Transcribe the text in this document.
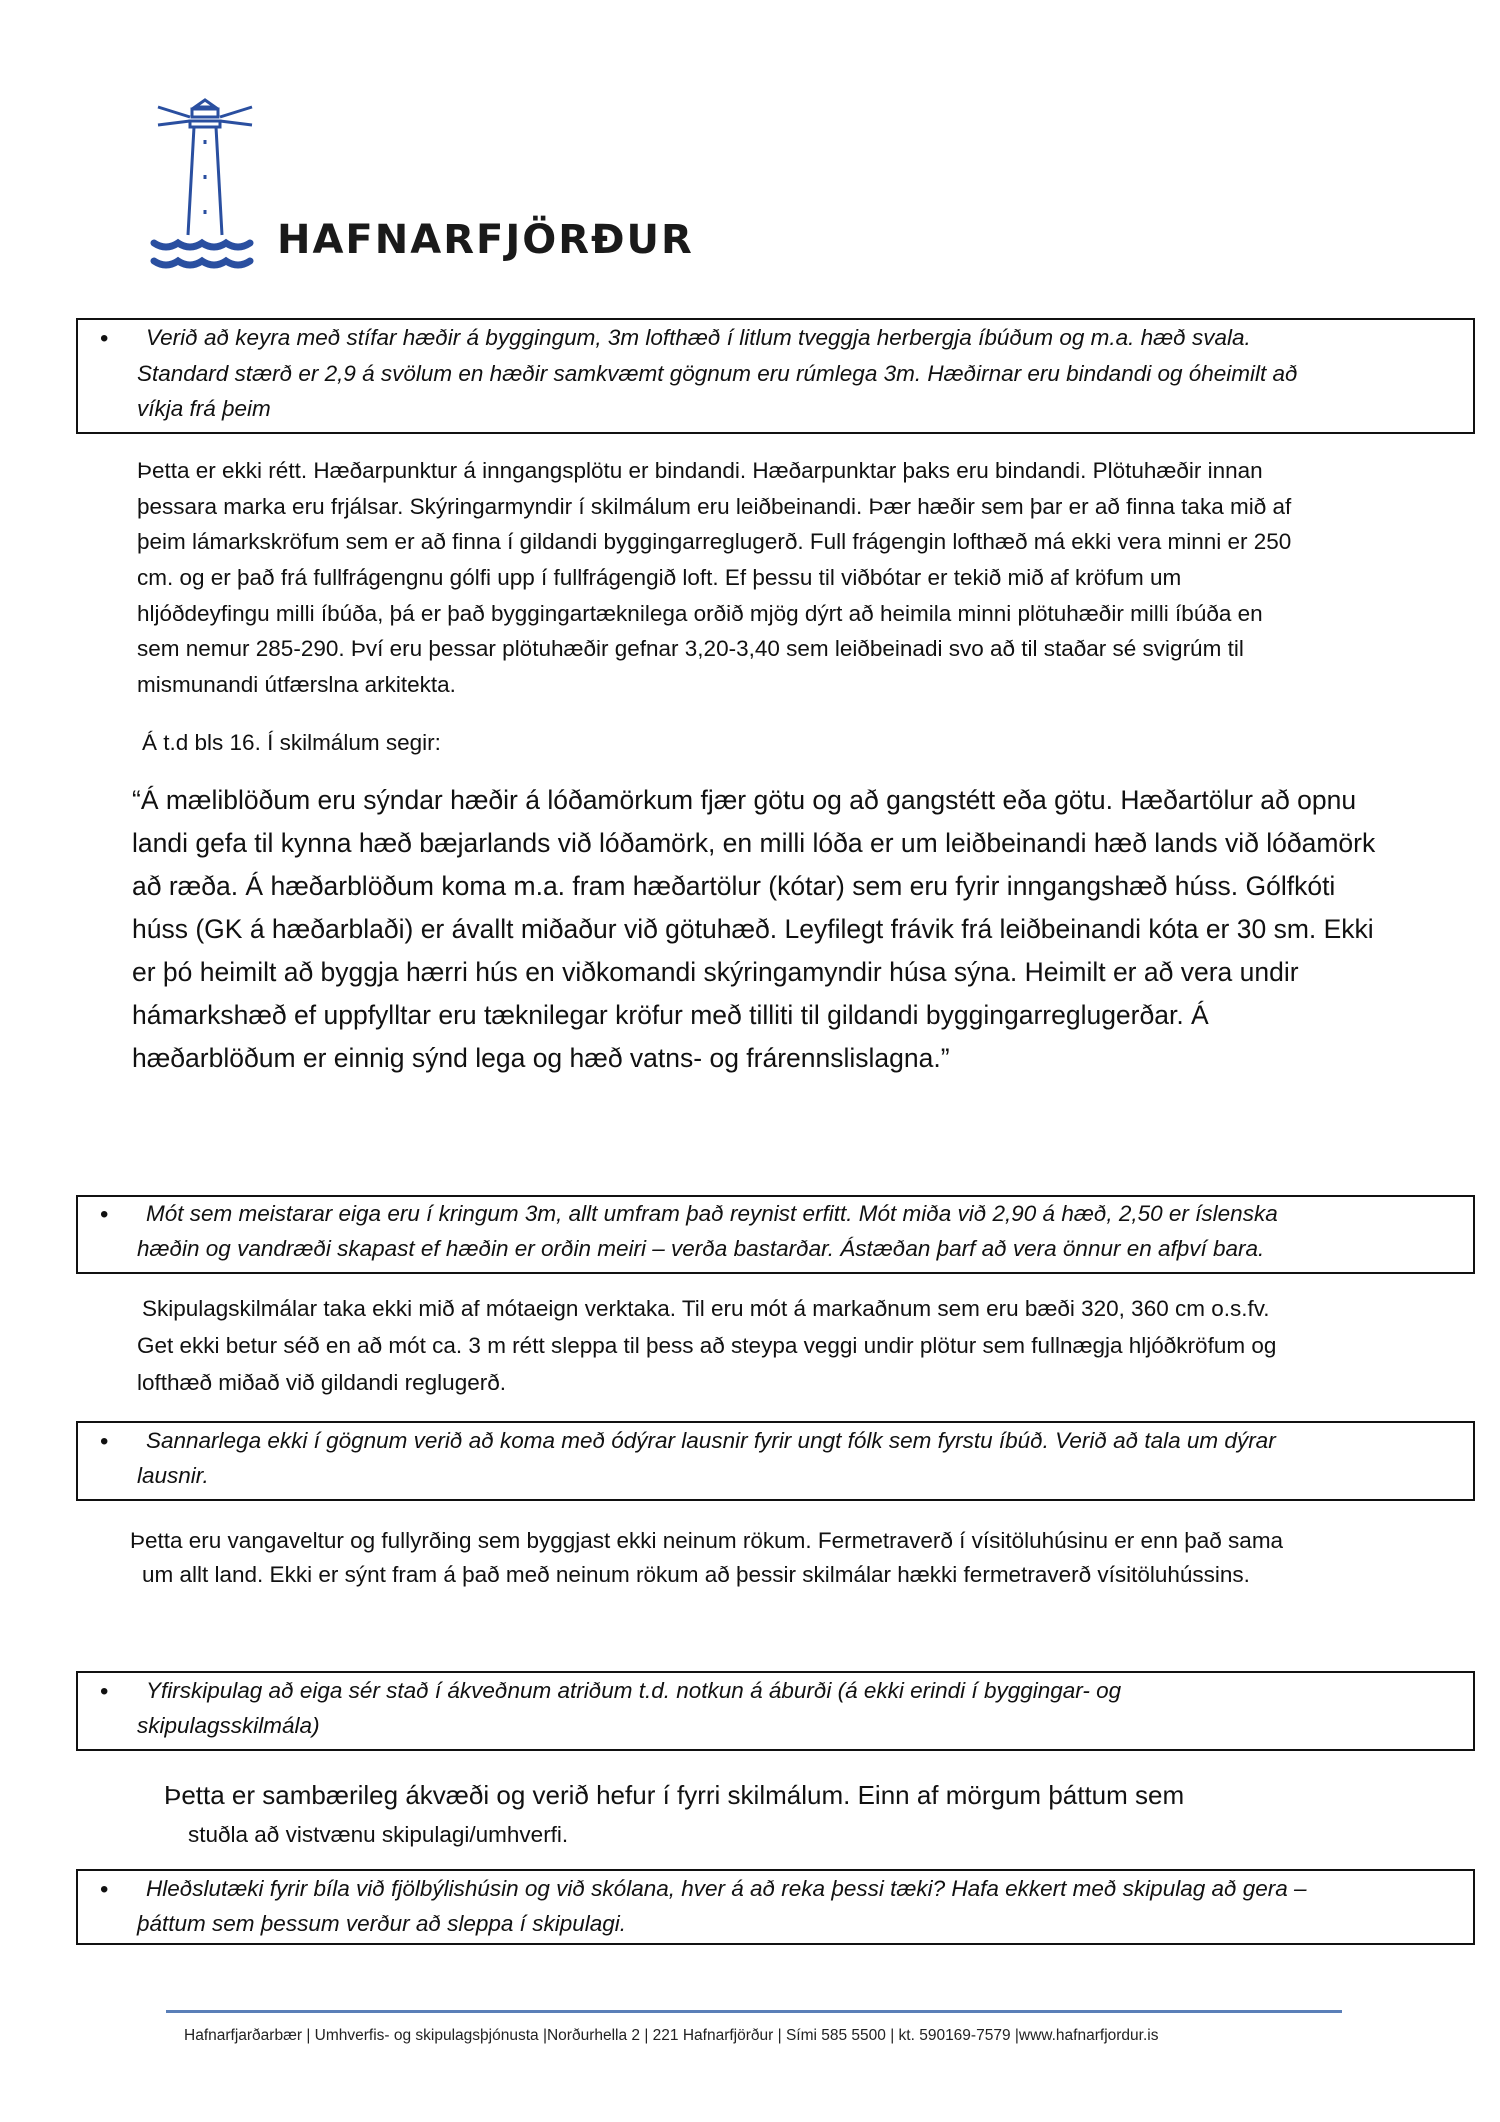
HAFNARFJÖRÐUR
• Verið að keyra með stífar hæðir á byggingum, 3m lofthæð í litlum tveggja herbergja íbúðum og m.a. hæð svala.
Standard stærð er 2,9 á svölum en hæðir samkvæmt gögnum eru rúmlega 3m. Hæðirnar eru bindandi og óheimilt að
víkja frá þeim
Þetta er ekki rétt. Hæðarpunktur á inngangsplötu er bindandi. Hæðarpunktar þaks eru bindandi. Plötuhæðir innan
þessara marka eru frjálsar. Skýringarmyndir í skilmálum eru leiðbeinandi. Þær hæðir sem þar er að finna taka mið af
þeim lámarkskröfum sem er að finna í gildandi byggingarreglugerð. Full frágengin lofthæð má ekki vera minni er 250
cm. og er það frá fullfrágengnu gólfi upp í fullfrágengið loft. Ef þessu til viðbótar er tekið mið af kröfum um
hljóðdeyfingu milli íbúða, þá er það byggingartæknilega orðið mjög dýrt að heimila minni plötuhæðir milli íbúða en
sem nemur 285-290. Því eru þessar plötuhæðir gefnar 3,20-3,40 sem leiðbeinadi svo að til staðar sé svigrúm til
mismunandi útfærslna arkitekta.
Á t.d bls 16. Í skilmálum segir:
“Á mæliblöðum eru sýndar hæðir á lóðamörkum fjær götu og að gangstétt eða götu. Hæðartölur að opnu
landi gefa til kynna hæð bæjarlands við lóðamörk, en milli lóða er um leiðbeinandi hæð lands við lóðamörk
að ræða. Á hæðarblöðum koma m.a. fram hæðartölur (kótar) sem eru fyrir inngangshæð húss. Gólfkóti
húss (GK á hæðarblaði) er ávallt miðaður við götuhæð. Leyfilegt frávik frá leiðbeinandi kóta er 30 sm. Ekki
er þó heimilt að byggja hærri hús en viðkomandi skýringamyndir húsa sýna. Heimilt er að vera undir
hámarkshæð ef uppfylltar eru tæknilegar kröfur með tilliti til gildandi byggingarreglugerðar. Á
hæðarblöðum er einnig sýnd lega og hæð vatns- og frárennslislagna.”
• Mót sem meistarar eiga eru í kringum 3m, allt umfram það reynist erfitt. Mót miða við 2,90 á hæð, 2,50 er íslenska
hæðin og vandræði skapast ef hæðin er orðin meiri – verða bastarðar. Ástæðan þarf að vera önnur en afþví bara.
Skipulagskilmálar taka ekki mið af mótaeign verktaka. Til eru mót á markaðnum sem eru bæði 320, 360 cm o.s.fv.
Get ekki betur séð en að mót ca. 3 m rétt sleppa til þess að steypa veggi undir plötur sem fullnægja hljóðkröfum og
lofthæð miðað við gildandi reglugerð.
• Sannarlega ekki í gögnum verið að koma með ódýrar lausnir fyrir ungt fólk sem fyrstu íbúð. Verið að tala um dýrar
lausnir.
Þetta eru vangaveltur og fullyrðing sem byggjast ekki neinum rökum. Fermetraverð í vísitöluhúsinu er enn það sama
um allt land. Ekki er sýnt fram á það með neinum rökum að þessir skilmálar hækki fermetraverð vísitöluhússins.
• Yfirskipulag að eiga sér stað í ákveðnum atriðum t.d. notkun á áburði (á ekki erindi í byggingar- og
skipulagsskilmála)
Þetta er sambærileg ákvæði og verið hefur í fyrri skilmálum. Einn af mörgum þáttum sem
stuðla að vistvænu skipulagi/umhverfi.
• Hleðslutæki fyrir bíla við fjölbýlishúsin og við skólana, hver á að reka þessi tæki? Hafa ekkert með skipulag að gera –
þáttum sem þessum verður að sleppa í skipulagi.
Hafnarfjarðarbær | Umhverfis- og skipulagsþjónusta |Norðurhella 2 | 221 Hafnarfjörður | Sími 585 5500 | kt. 590169-7579 |www.hafnarfjordur.is
